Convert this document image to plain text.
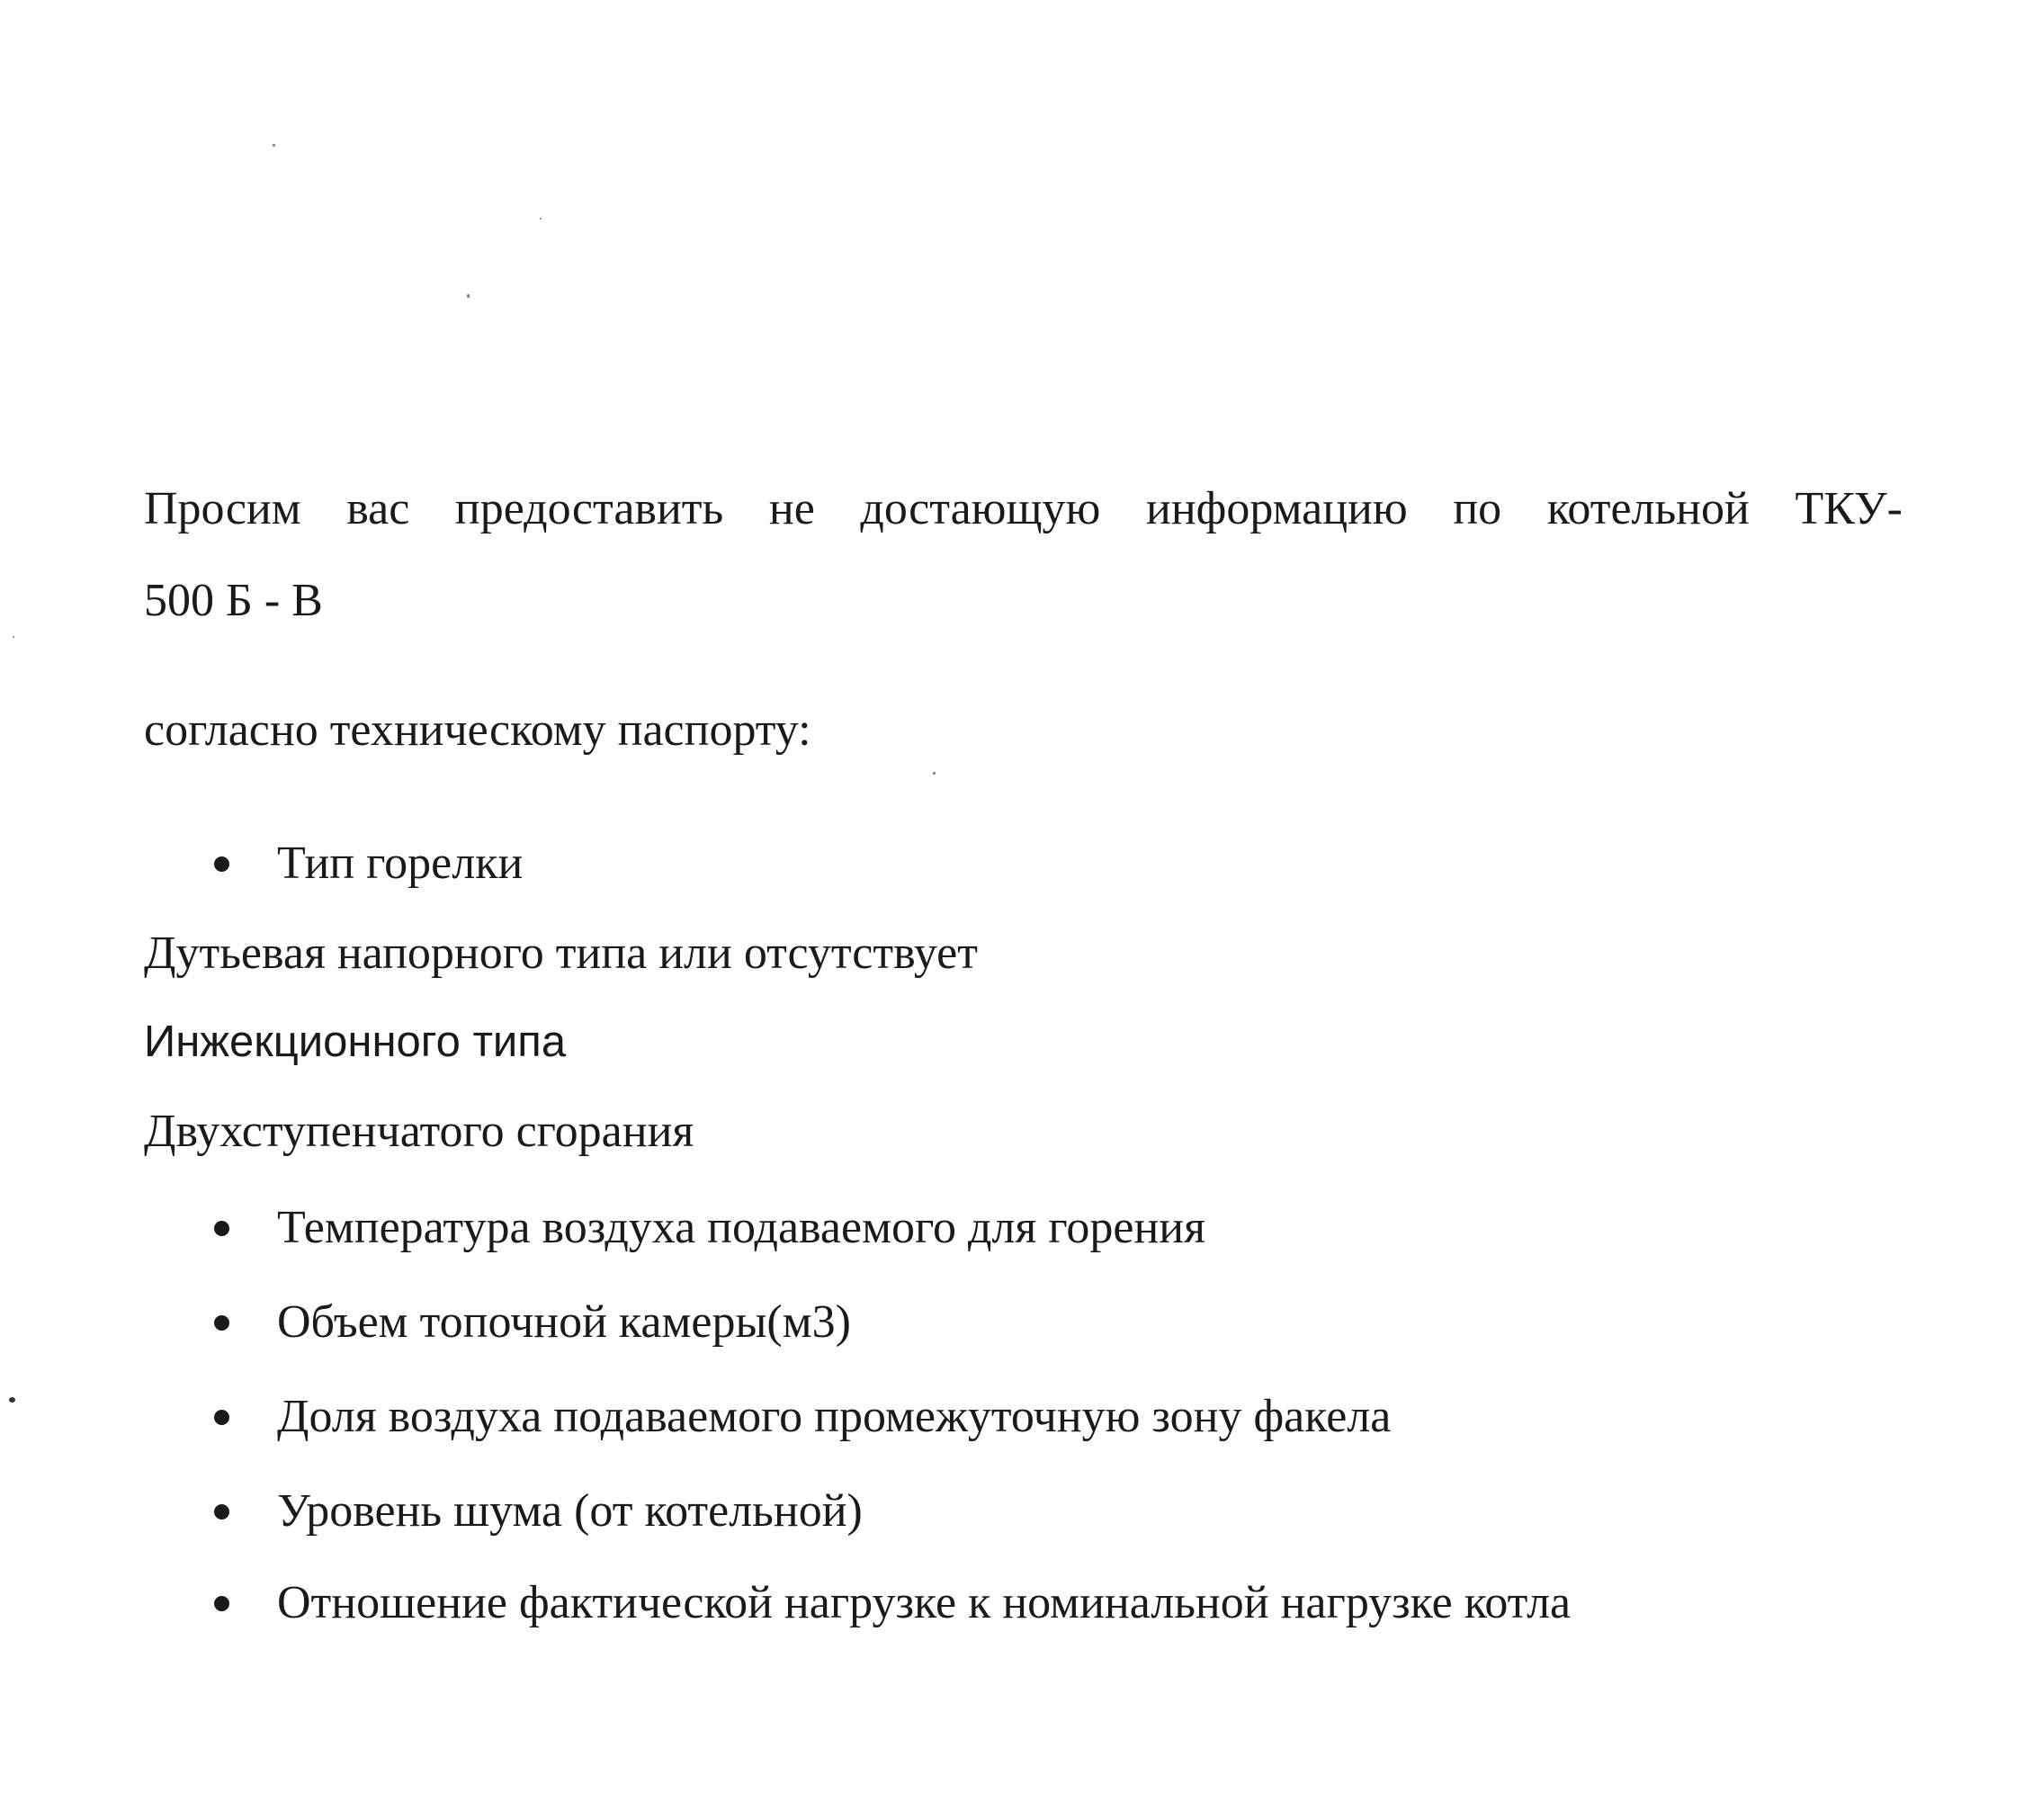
Просим вас предоставить не достающую информацию по котельной ТКУ-
500 Б - В
согласно техническому паспорту:
Тип горелки
Дутьевая напорного типа или отсутствует
Инжекционного типа
Двухступенчатого сгорания
Температура воздуха подаваемого для горения
Объем топочной камеры(м3)
Доля воздуха подаваемого промежуточную зону факела
Уровень шума (от котельной)
Отношение фактической нагрузке к номинальной нагрузке котла
